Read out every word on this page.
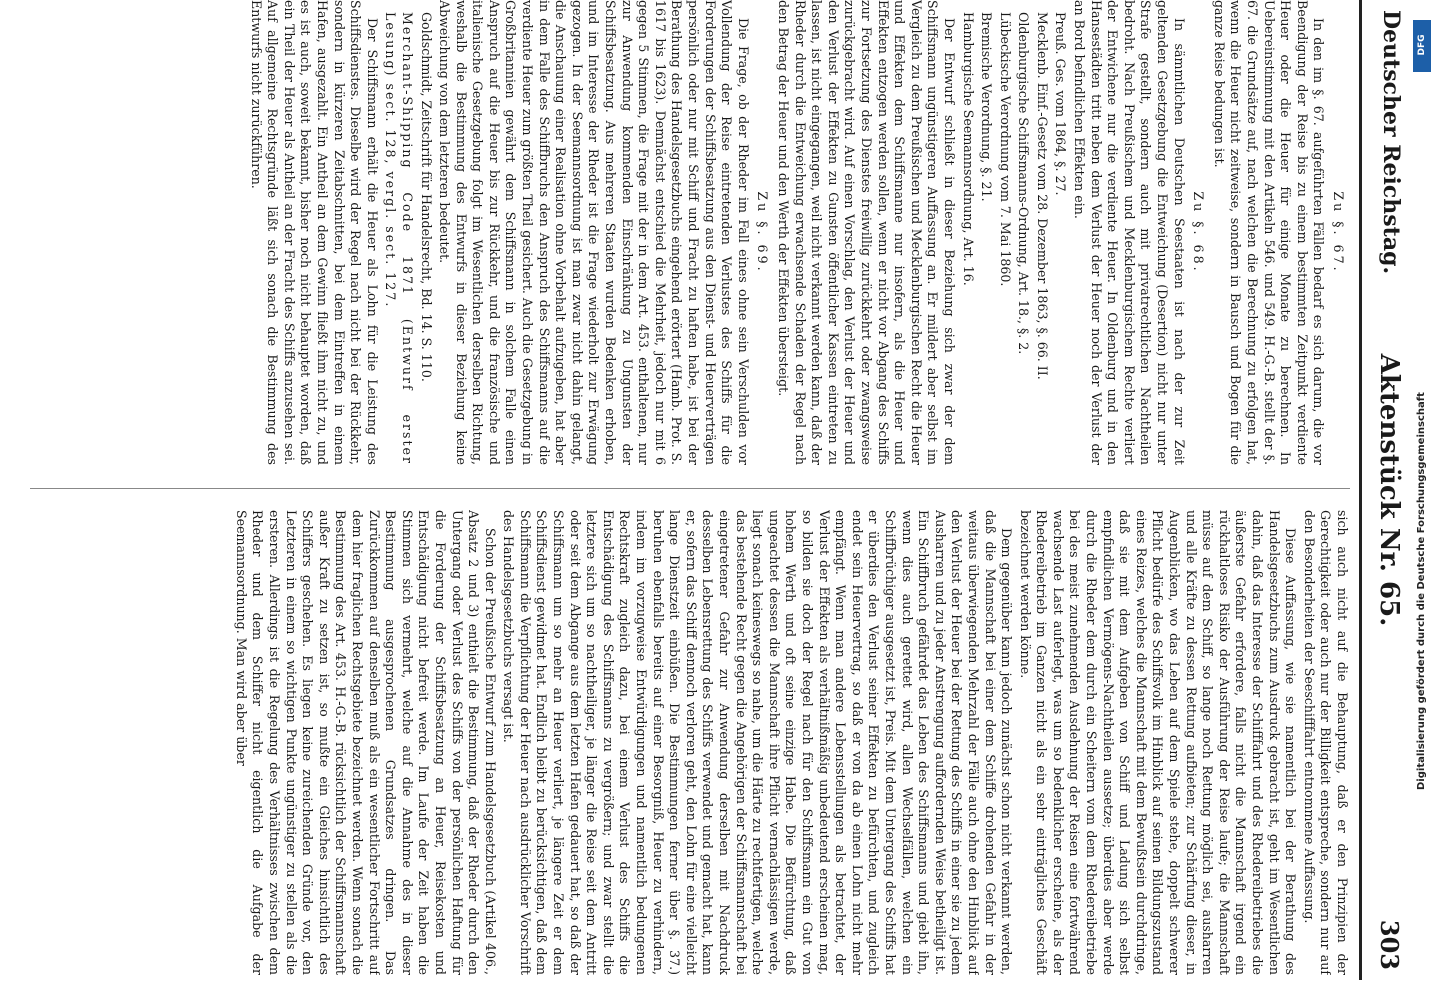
Deutscher Reichstag.
Aktenstück Nr. 65.
303

Zu §. 67.

In den im §. 67. aufgeführten Fällen bedarf es sich darum, die vor Beendigung der Reise bis zu einem bestimmten Zeitpunkt verdiente Heuer oder die Heuer für einige Monate zu berechnen. In Uebereinstimmung mit den Artikeln 546. und 549. H.-G.-B. stellt der §. 67. die Grundsätze auf, nach welchen die Berechnung zu erfolgen hat, wenn die Heuer nicht zeitweise, sondern in Bausch und Bogen für die ganze Reise bedungen ist.

Zu §. 68.

In sämmtlichen Deutschen Seestaaten ist nach der zur Zeit geltenden Gesetzgebung die Entweichung (Desertion) nicht nur unter Strafe gestellt, sondern auch mit privatrechtlichen Nachtheilen bedroht. Nach Preußischem und Mecklenburgischem Rechte verliert der Entwichene nur die verdiente Heuer. In Oldenburg und in den Hansestädten tritt neben dem Verlust der Heuer noch der Verlust der an Bord befindlichen Effekten ein.

Preuß. Ges. vom 1864, §. 27.

Mecklenb. Einf.-Gesetz vom 28. Dezember 1863, §. 66. II.

Oldenburgische Schiffsmanns-Ordnung, Art. 18., §. 2.

Lübeckische Verordnung vom 7. Mai 1860.

Bremische Verordnung, §. 21.

Hamburgische Seemannsordnung, Art. 16.

Der Entwurf schließt in dieser Beziehung sich zwar der dem Schiffsmann ungünstigeren Auffassung an. Er mildert aber selbst im Vergleich zu dem Preußischen und Mecklenburgischen Recht die Heuer und Effekten dem Schiffsmanne nur insofern, als die Heuer und Effekten entzogen werden sollen, wenn er nicht vor Abgang des Schiffs zur Fortsetzung des Dienstes freiwillig zurückkehrt oder zwangsweise zurückgebracht wird. Auf einen Vorschlag, den Verlust der Heuer und den Verlust der Effekten zu Gunsten öffentlicher Kassen eintreten zu lassen, ist nicht eingegangen, weil nicht verkannt werden kann, daß der Rheder durch die Entweichung erwachsende Schaden der Regel nach den Betrag der Heuer und den Werth der Effekten übersteigt.

Zu §. 69.

Die Frage, ob der Rheder im Fall eines ohne sein Verschulden vor Vollendung der Reise eintretenden Verlustes des Schiffs für die Forderungen der Schiffsbesatzung aus den Dienst- und Heuerverträgen persönlich oder nur mit Schiff und Fracht zu haften habe, ist bei der Berathung des Handelsgesetzbuchs eingehend erörtert (Hamb. Prot. S. 1617 bis 1623). Demnächst entschied die Mehrheit, jedoch nur mit 6 gegen 5 Stimmen, die Frage mit der in dem Art. 453. enthaltenen, nur zur Anwendung kommenden Einschränkung zu Ungunsten der Schiffsbesatzung. Aus mehreren Staaten wurden Bedenken erhoben, und im Interesse der Rheder ist die Frage wiederholt zur Erwägung gezogen. In der Seemannsordnung ist man zwar nicht dahin gelangt, die Anschauung einer Realisation ohne Vorbehalt aufzugeben, hat aber in dem Falle des Schiffbruchs den Anspruch des Schiffsmanns auf die verdiente Heuer zum größten Theil gesichert. Auch die Gesetzgebung in Großbritannien gewährt dem Schiffsmann in solchem Falle einen Anspruch auf die Heuer bis zur Rückkehr, und die französische und italienische Gesetzgebung folgt im Wesentlichen derselben Richtung, weshalb die Bestimmung des Entwurfs in dieser Beziehung keine Abweichung von dem letzteren bedeutet.

Goldschmidt, Zeitschrift für Handelsrecht, Bd. 14. S. 110.

Merchant-Shipping Code 1871 (Entwurf erster Lesung) sect. 128, vergl. sect. 127.

Der Schiffsmann erhält die Heuer als Lohn für die Leistung des Schiffsdienstes. Dieselbe wird der Regel nach nicht bei der Rückkehr, sondern in kürzeren Zeitabschnitten, bei dem Eintreffen in einem Hafen, ausgezahlt. Ein Antheil an dem Gewinn fließt ihm nicht zu, und es ist auch, soweit bekannt, bisher noch nicht behauptet worden, daß ein Theil der Heuer als Antheil an der Fracht des Schiffs anzusehen sei. Auf allgemeine Rechtsgründe läßt sich sonach die Bestimmung des Entwurfs nicht zurückführen.

sich auch nicht auf die Behauptung, daß er den Prinzipien der Gerechtigkeit oder auch nur der Billigkeit entspreche, sondern nur auf den Besonderheiten der Seeschifffahrt entnommene Auffassung.

Diese Auffassung, wie sie namentlich bei der Berathung des Handelsgesetzbuchs zum Ausdruck gebracht ist, geht im Wesentlichen dahin, daß das Interesse der Schifffahrt und des Rhedereibetriebes die äußerste Gefahr erfordere, falls nicht die Mannschaft irgend ein rückhaltloses Risiko der Ausführung der Reise laufe; die Mannschaft müsse auf dem Schiff, so lange noch Rettung möglich sei, ausharren und alle Kräfte zu dessen Rettung aufbieten; zur Schärfung dieser, in Augenblicken, wo das Leben auf dem Spiele stehe, doppelt schwerer Pflicht bedürfe des Schiffsvolk im Hinblick auf seinen Bildungszustand eines Reizes, welches die Mannschaft mit dem Bewußtsein durchdringe, daß sie mit dem Aufgeben von Schiff und Ladung sich selbst empfindlichen Vermögens-Nachtheilen aussetze; überdies aber werde durch die Rheder dem durch ein Scheitern vom dem Rhedereibetriebe bei des meist zunehmenden Ausdehnung der Reisen eine fortwährend wachsende Last auferlegt, was um so bedenklicher erscheine, als der Rhedereibetrieb im Ganzen nicht als ein sehr einträgliches Geschäft bezeichnet werden könne.

Dem gegenüber kann jedoch zunächst schon nicht verkannt werden, daß die Mannschaft bei einer dem Schiffe drohenden Gefahr in der weitaus überwiegenden Mehrzahl der Fälle auch ohne den Hinblick auf den Verlust der Heuer bei der Rettung des Schiffs in einer sie zu jedem Ausharren und zu jeder Anstrengung auffordernden Weise betheiligt ist. Ein Schiffbruch gefährdet das Leben des Schiffsmanns und giebt ihn, wenn dies auch gerettet wird, allen Wechselfällen, welchen ein Schiffbrüchiger ausgesetzt ist, Preis. Mit dem Untergang des Schiffs hat er überdies den Verlust seiner Effekten zu befürchten, und zugleich endet sein Heuervertrag, so daß er von da ab einen Lohn nicht mehr empfängt. Wenn man andere Lebensstellungen als betrachtet, der Verlust der Effekten als verhältnißmäßig unbedeutend erscheinen mag, so bilden sie doch der Regel nach für den Schiffsmann ein Gut von hohem Werth und oft seine einzige Habe. Die Befürchtung, daß ungeachtet dessen die Mannschaft ihre Pflicht vernachlässigen werde, liegt sonach keineswegs so nahe, um die Härte zu rechtfertigen, welche das bestehende Recht gegen die Angehörigen der Schiffsmannschaft bei eingetretener Gefahr zur Anwendung derselben mit Nachdruck desselben Lebensrettung des Schiffs verwendet und gemacht hat, kann er, sofern das Schiff dennoch verloren geht, den Lohn für eine vielleicht lange Dienstzeit einbüßen. Die Bestimmungen ferner über §. 37.) beruhen ebenfalls bereits auf einer Besorgniß, Heuer zu verhindern, indem im vorzugweise Entwürdigungen und namentlich bedungenen Rechtskraft zugleich dazu, bei einem Verlust des Schiffs die Entschädigung des Schiffsmanns zu vergrößern; und zwar stellt die letztere sich um so nachtheiliger, je länger die Reise seit dem Antritt oder seit dem Abgange aus dem letzten Hafen gedauert hat, so daß der Schiffsmann um so mehr an Heuer verliert, je längere Zeit er dem Schiffsdienst gewidmet hat. Endlich bleibt zu berücksichtigen, daß dem Schiffsmann die Verpflichtung der Heuer nach ausdrücklicher Vorschrift des Handelsgesetzbuchs versagt ist.

Schon der Preußische Entwurf zum Handelsgesetzbuch (Artikel 406., Absatz 2 und 3) enthielt die Bestimmung, daß der Rheder durch den Untergang oder Verlust des Schiffs von der persönlichen Haftung für die Forderung der Schiffsbesatzung an Heuer, Reisekosten und Entschädigung nicht befreit werde. Im Laufe der Zeit haben die Stimmen sich vermehrt, welche auf die Annahme des in dieser Bestimmung ausgesprochenen Grundsatzes dringen. Das Zurückkommen auf denselben muß als ein wesentlicher Fortschritt auf dem hier fraglichen Rechtsgebiete bezeichnet werden. Wenn sonach die Bestimmung des Art. 453. H.-G.-B. rücksichtlich der Schiffsmannschaft außer Kraft zu setzen ist, so mußte ein Gleiches hinsichtlich des Schiffers geschehen. Es liegen keine zureichenden Gründe vor, den Letzteren in einem so wichtigen Punkte ungünstiger zu stellen als die ersteren. Allerdings ist die Regelung des Verhältnisses zwischen dem Rheder und dem Schiffer nicht eigentlich die Aufgabe der Seemannsordnung. Man wird aber über

DFG
Digitalisierung gefördert durch die Deutsche Forschungsgemeinschaft
